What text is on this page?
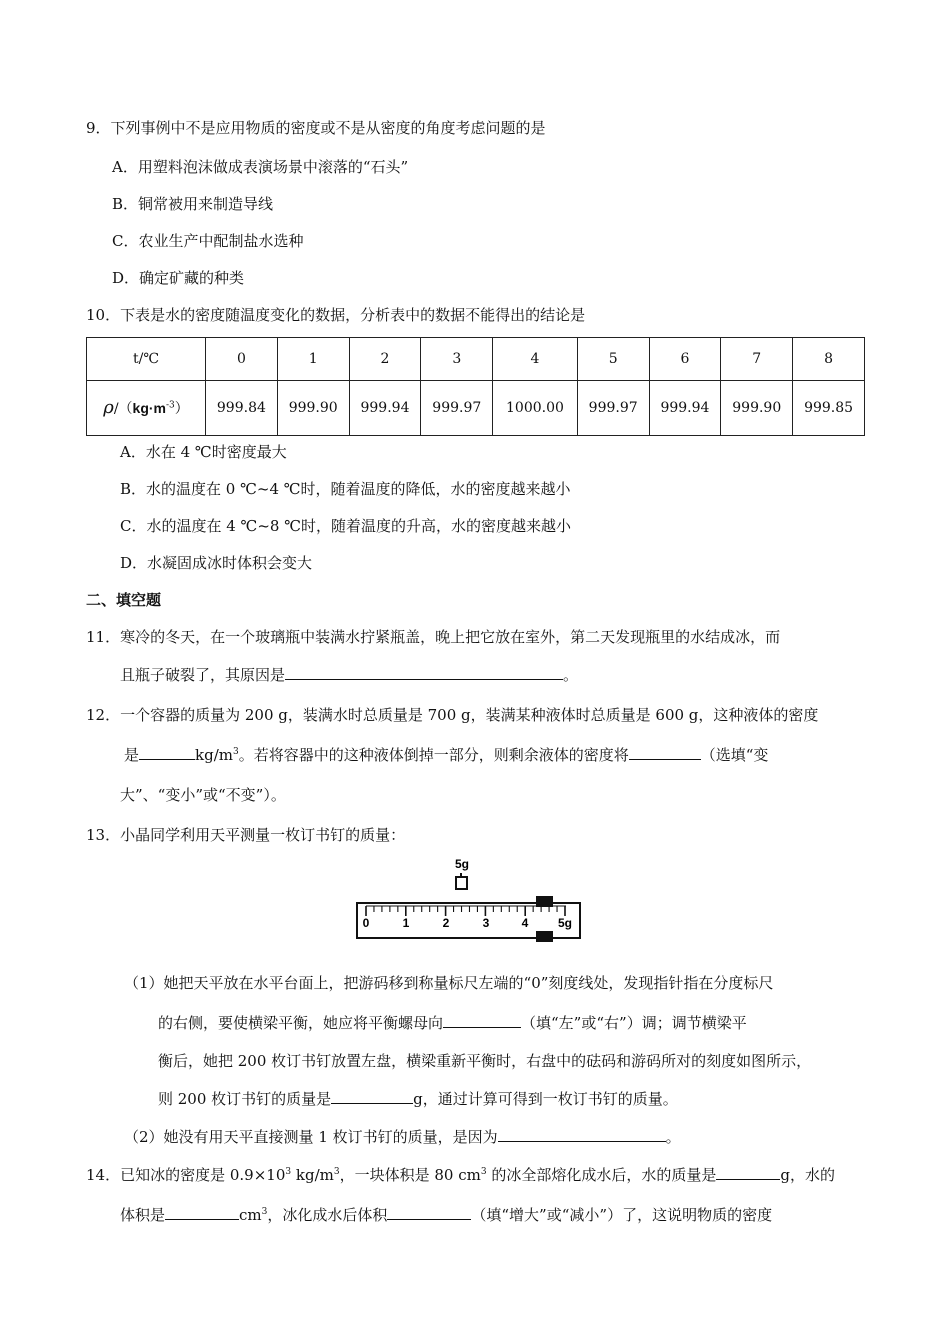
9．下列事例中不是应用物质的密度或不是从密度的角度考虑问题的是
A．用塑料泡沫做成表演场景中滚落的“石头”
B．铜常被用来制造导线
C．农业生产中配制盐水选种
D．确定矿藏的种类
10．下表是水的密度随温度变化的数据，分析表中的数据不能得出的结论是
t/℃	0	1	2	3	4	5	6	7	8
$\rho/(kg\cdot m^{-3})$	999.84	999.90	999.94	999.97	1000.00	999.97	999.94	999.90	999.85
A．水在 4 ℃时密度最大
B．水的温度在 0 ℃~4 ℃时，随着温度的降低，水的密度越来越小
C．水的温度在 4 ℃~8 ℃时，随着温度的升高，水的密度越来越小
D．水凝固成冰时体积会变大
二、填空题
11．寒冷的冬天，在一个玻璃瓶中装满水拧紧瓶盖，晚上把它放在室外，第二天发现瓶里的水结成冰，而
且瓶子破裂了，其原因是	。
12．一个容器的质量为 200 g，装满水时总质量是 700 g，装满某种液体时总质量是 600 g，这种液体的密度
是	$kg/m^3$。若将容器中的这种液体倒掉一部分，则剩余液体的密度将	（选填“变
大”、“变小”或“不变”）。
13．小晶同学利用天平测量一枚订书钉的质量：
5g
0	1	2	3	4 5g
（1）她把天平放在水平台面上，把游码移到称量标尺左端的“0”刻度线处，发现指针指在分度标尺
的右侧，要使横梁平衡，她应将平衡螺母向	（填“左”或“右”）调；调节横梁平
衡后，她把 200 枚订书钉放置左盘，横梁重新平衡时，右盘中的砝码和游码所对的刻度如图所示，
则 200 枚订书钉的质量是	g，通过计算可得到一枚订书钉的质量。
（2）她没有用天平直接测量 1 枚订书钉的质量，是因为	。
14．已知冰的密度是 $0.9\times 10^3$ $kg/m^3$，一块体积是 80 $cm^3$ 的冰全部熔化成水后，水的质量是	g，水的
体积是	$cm^3$，冰化成水后体积	（填“增大”或“减小”）了，这说明物质的密度
